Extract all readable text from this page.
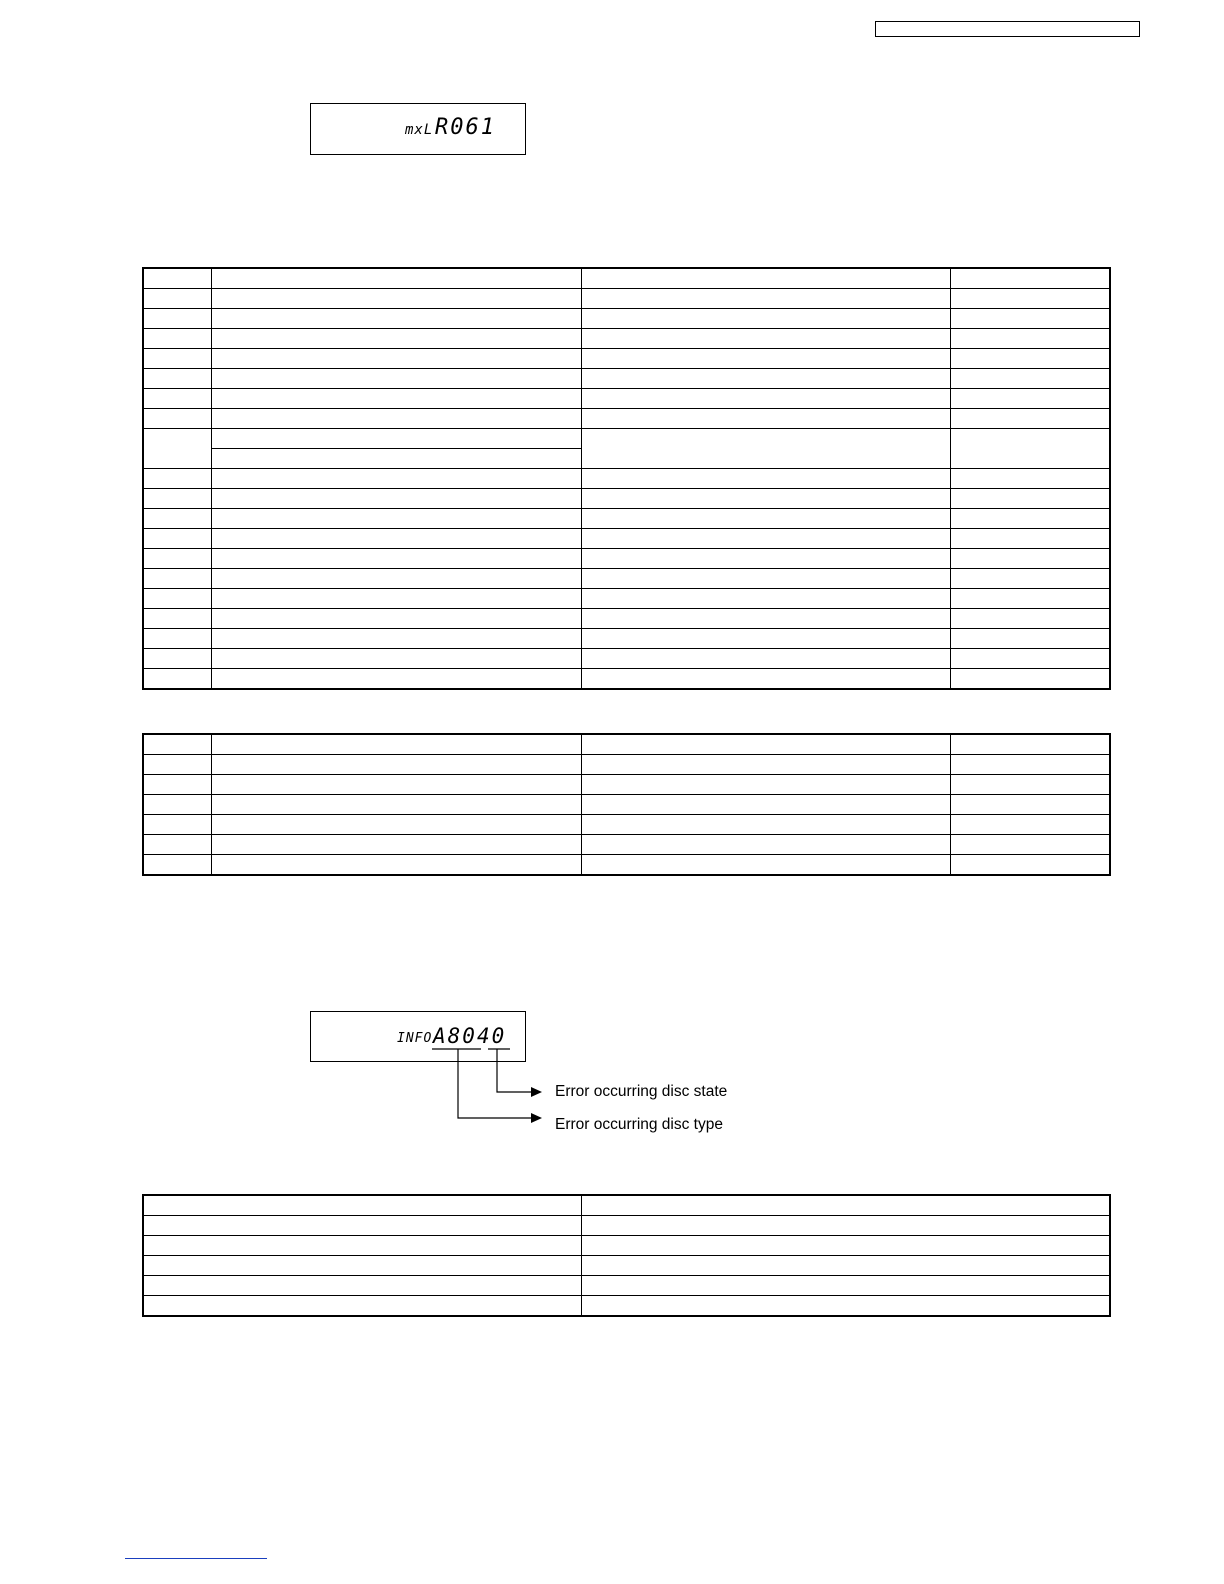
mxL R061

INFO A8040
Error occurring disc state
Error occurring disc type
